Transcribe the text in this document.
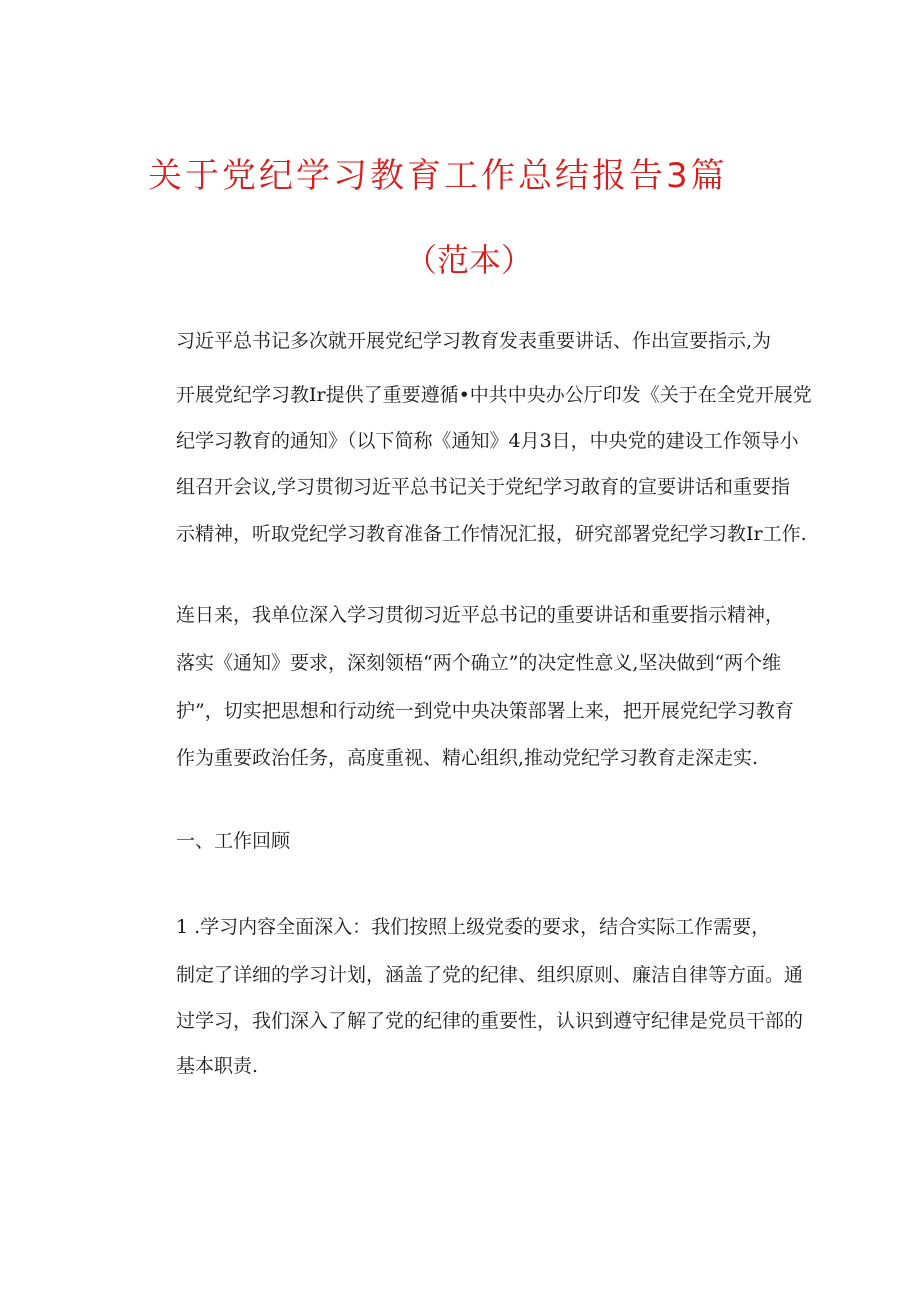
关于党纪学习教育工作总结报告3篇
（范本）

习近平总书记多次就开展党纪学习教育发表重要讲话、作出宣要指示,为

开展党纪学习教Ir提供了重要遵循•中共中央办公厅印发《关于在全党开展党

纪学习教育的通知》（以下简称《通知》4月3日，中央党的建设工作领导小

组召开会议,学习贯彻习近平总书记关于党纪学习敢育的宣要讲话和重要指

示精神，听取党纪学习教育准备工作情况汇报，研究部署党纪学习教Ir工作.

连日来，我单位深入学习贯彻习近平总书记的重要讲话和重要指示精神，

落实《通知》要求，深刻领梧“两个确立”的决定性意义,坚决做到“两个维

护”，切实把思想和行动统一到党中央决策部署上来，把开展党纪学习教育

作为重要政治任务，高度重视、精心组织,推动党纪学习教育走深走实.

一、工作回顾

1 .学习内容全面深入：我们按照上级党委的要求，结合实际工作需要，

制定了详细的学习计划，涵盖了党的纪律、组织原则、廉洁自律等方面。通

过学习，我们深入了解了党的纪律的重要性，认识到遵守纪律是党员干部的

基本职责.
